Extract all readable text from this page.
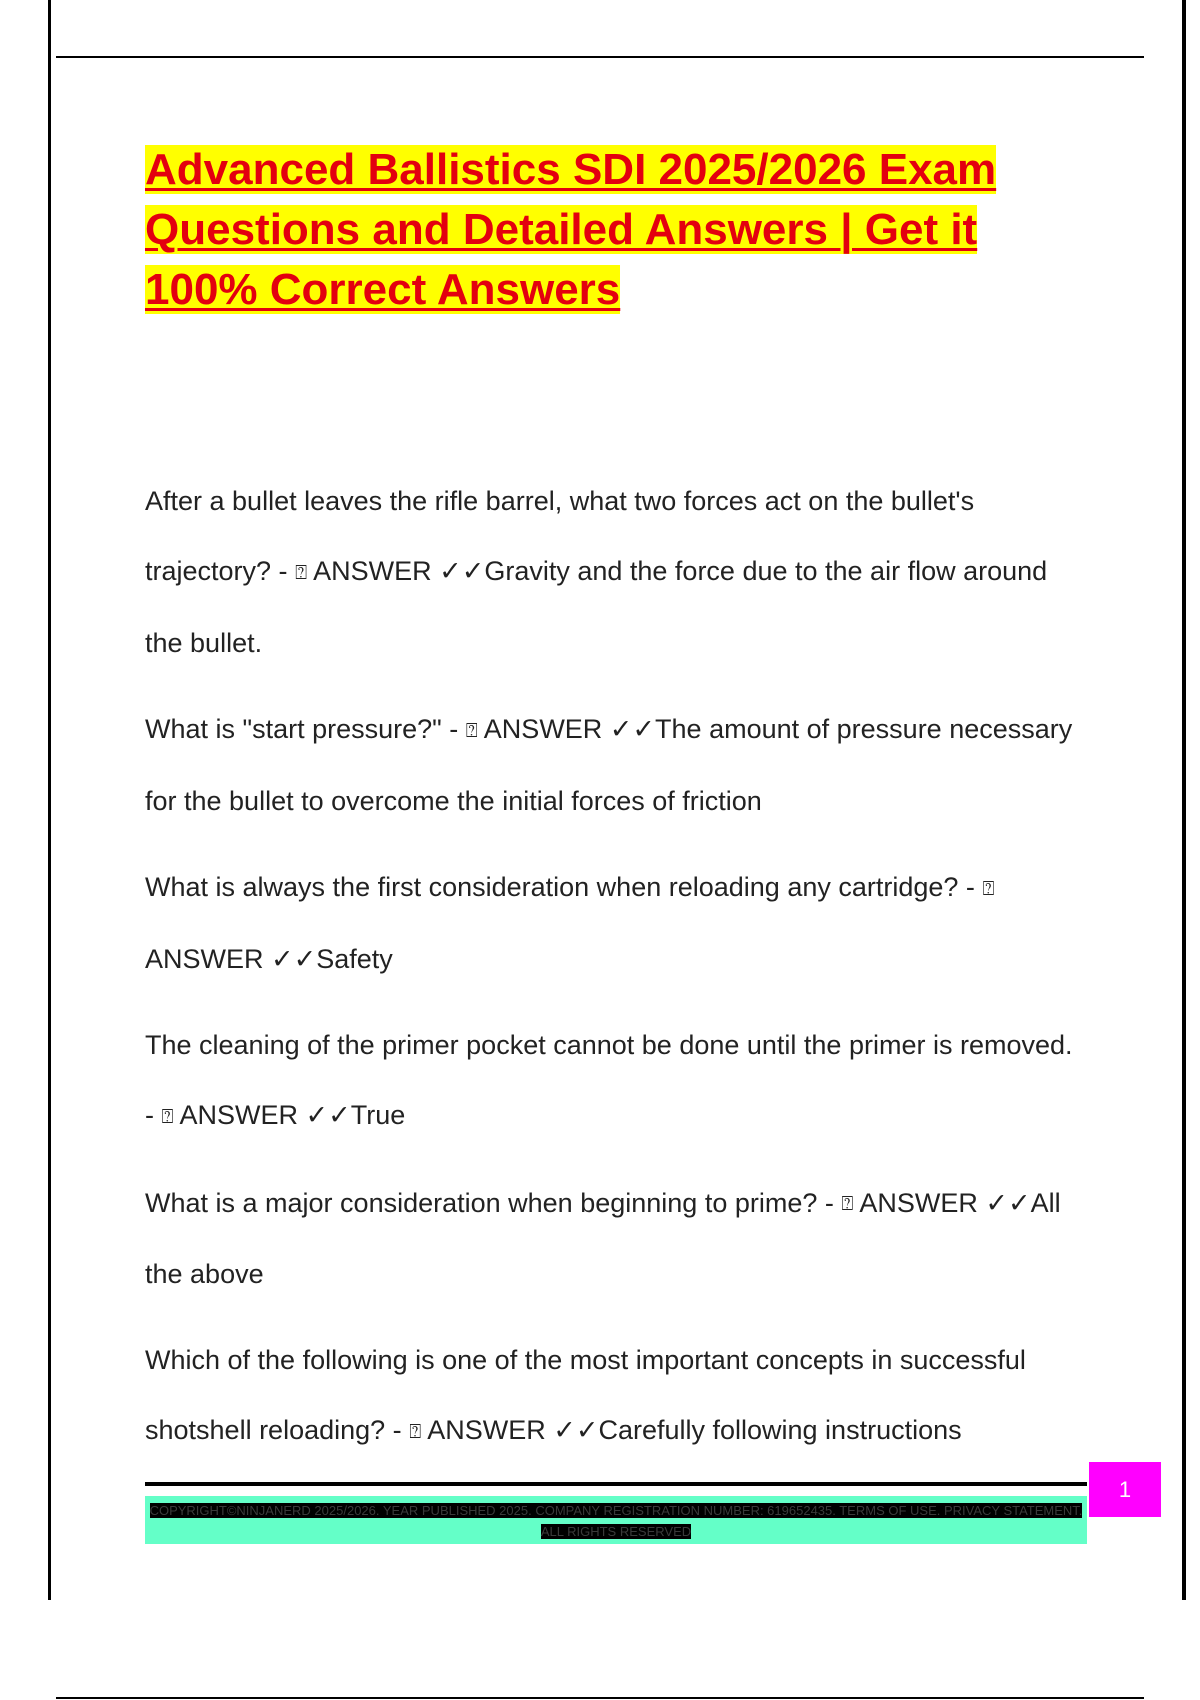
Advanced Ballistics SDI 2025/2026 Exam Questions and Detailed Answers | Get it 100% Correct Answers

After a bullet leaves the rifle barrel, what two forces act on the bullet's trajectory? - ⍰ ANSWER ✓✓Gravity and the force due to the air flow around the bullet.

What is "start pressure?" - ⍰ ANSWER ✓✓The amount of pressure necessary for the bullet to overcome the initial forces of friction

What is always the first consideration when reloading any cartridge? - ⍰ ANSWER ✓✓Safety

The cleaning of the primer pocket cannot be done until the primer is removed. - ⍰ ANSWER ✓✓True

What is a major consideration when beginning to prime? - ⍰ ANSWER ✓✓All the above

Which of the following is one of the most important concepts in successful shotshell reloading? - ⍰ ANSWER ✓✓Carefully following instructions

1
COPYRIGHT©NINJANERD 2025/2026. YEAR PUBLISHED 2025. COMPANY REGISTRATION NUMBER: 619652435. TERMS OF USE. PRIVACY STATEMENT. ALL RIGHTS RESERVED
